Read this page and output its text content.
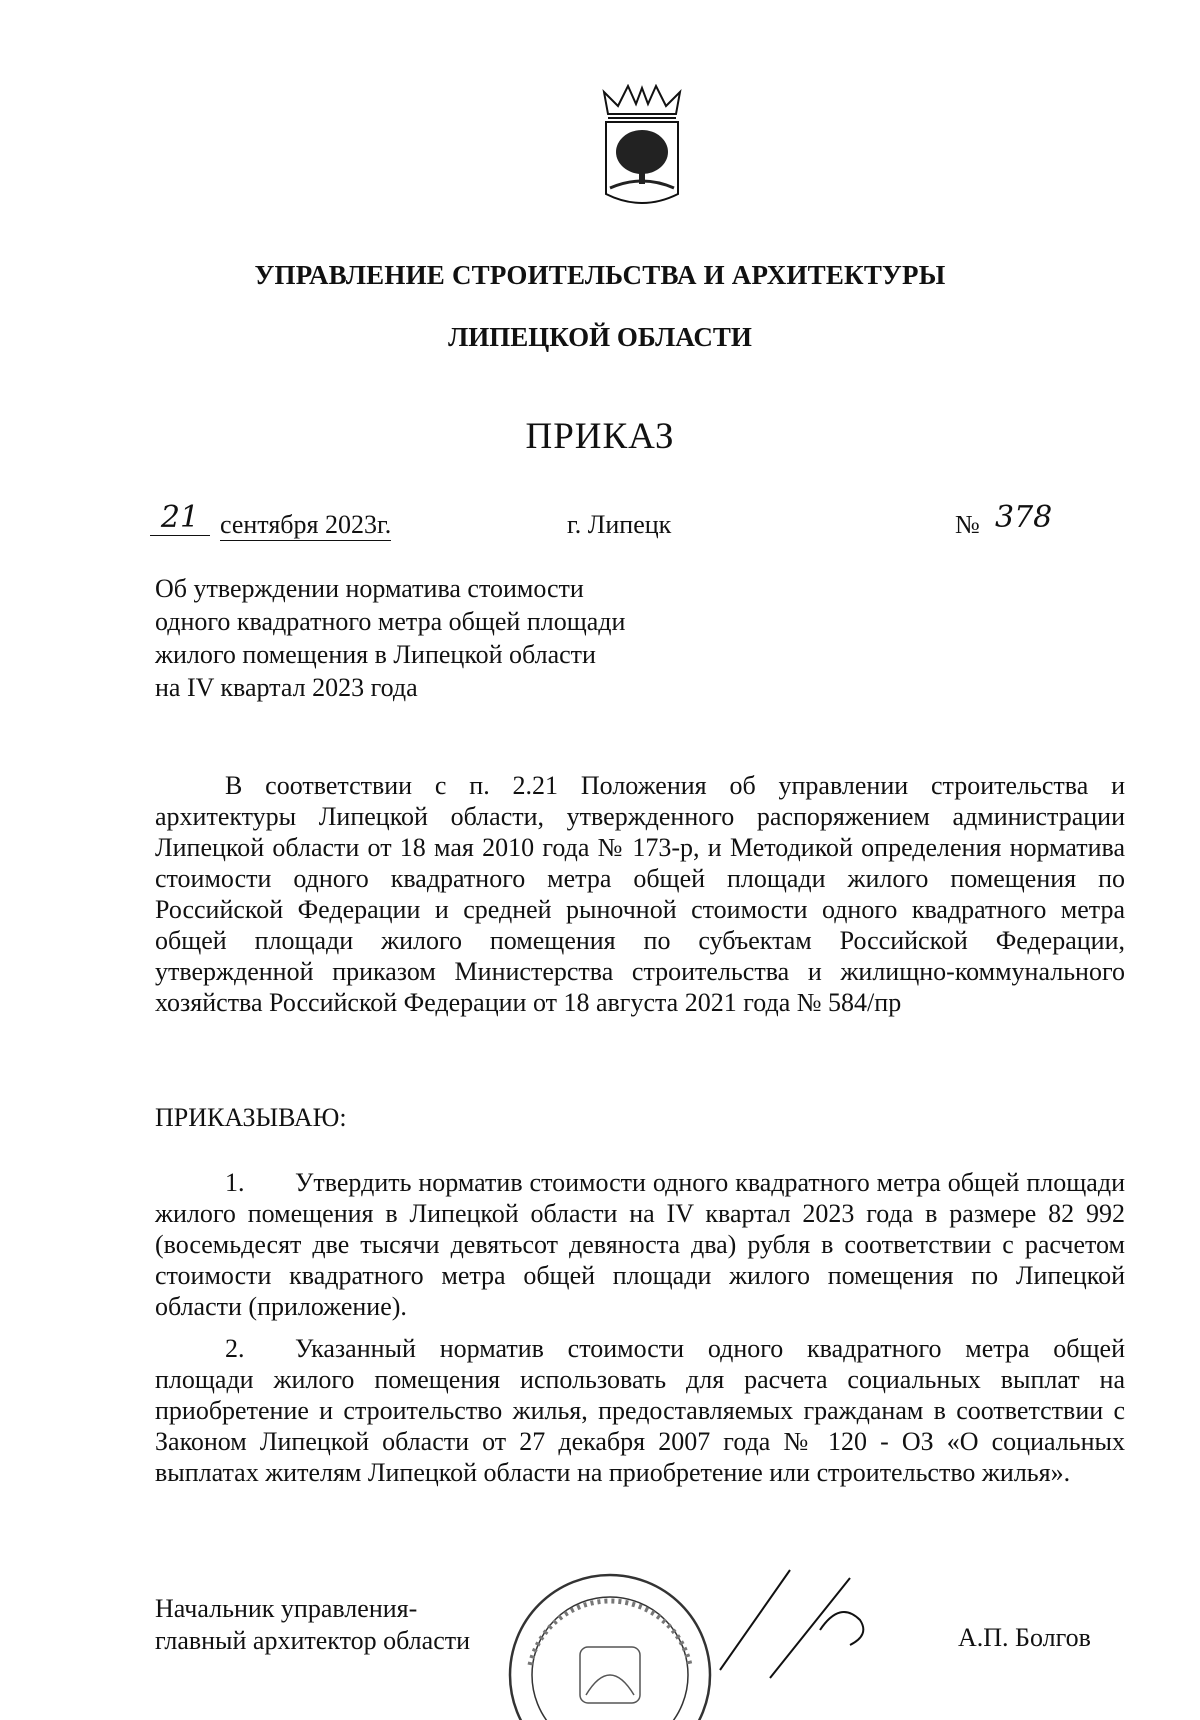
УПРАВЛЕНИЕ СТРОИТЕЛЬСТВА И АРХИТЕКТУРЫ
ЛИПЕЦКОЙ ОБЛАСТИ
ПРИКАЗ
21 сентября 2023г.	г. Липецк	№ 378
Об утверждении норматива стоимости
одного квадратного метра общей площади
жилого помещения в Липецкой области
на IV квартал 2023 года
В соответствии с п. 2.21 Положения об управлении строительства и архитектуры Липецкой области, утвержденного распоряжением администрации Липецкой области от 18 мая 2010 года № 173-р, и Методикой определения норматива стоимости одного квадратного метра общей площади жилого помещения по Российской Федерации и средней рыночной стоимости одного квадратного метра общей площади жилого помещения по субъектам Российской Федерации, утвержденной приказом Министерства строительства и жилищно-коммунального хозяйства Российской Федерации от 18 августа 2021 года № 584/пр
ПРИКАЗЫВАЮ:
1. Утвердить норматив стоимости одного квадратного метра общей площади жилого помещения в Липецкой области на IV квартал 2023 года в размере 82 992 (восемьдесят две тысячи девятьсот девяноста два) рубля в соответствии с расчетом стоимости квадратного метра общей площади жилого помещения по Липецкой области (приложение).
2. Указанный норматив стоимости одного квадратного метра общей площади жилого помещения использовать для расчета социальных выплат на приобретение и строительство жилья, предоставляемых гражданам в соответствии с Законом Липецкой области от 27 декабря 2007 года № 120 - ОЗ «О социальных выплатах жителям Липецкой области на приобретение или строительство жилья».
Начальник управления-
главный архитектор области	А.П. Болгов
